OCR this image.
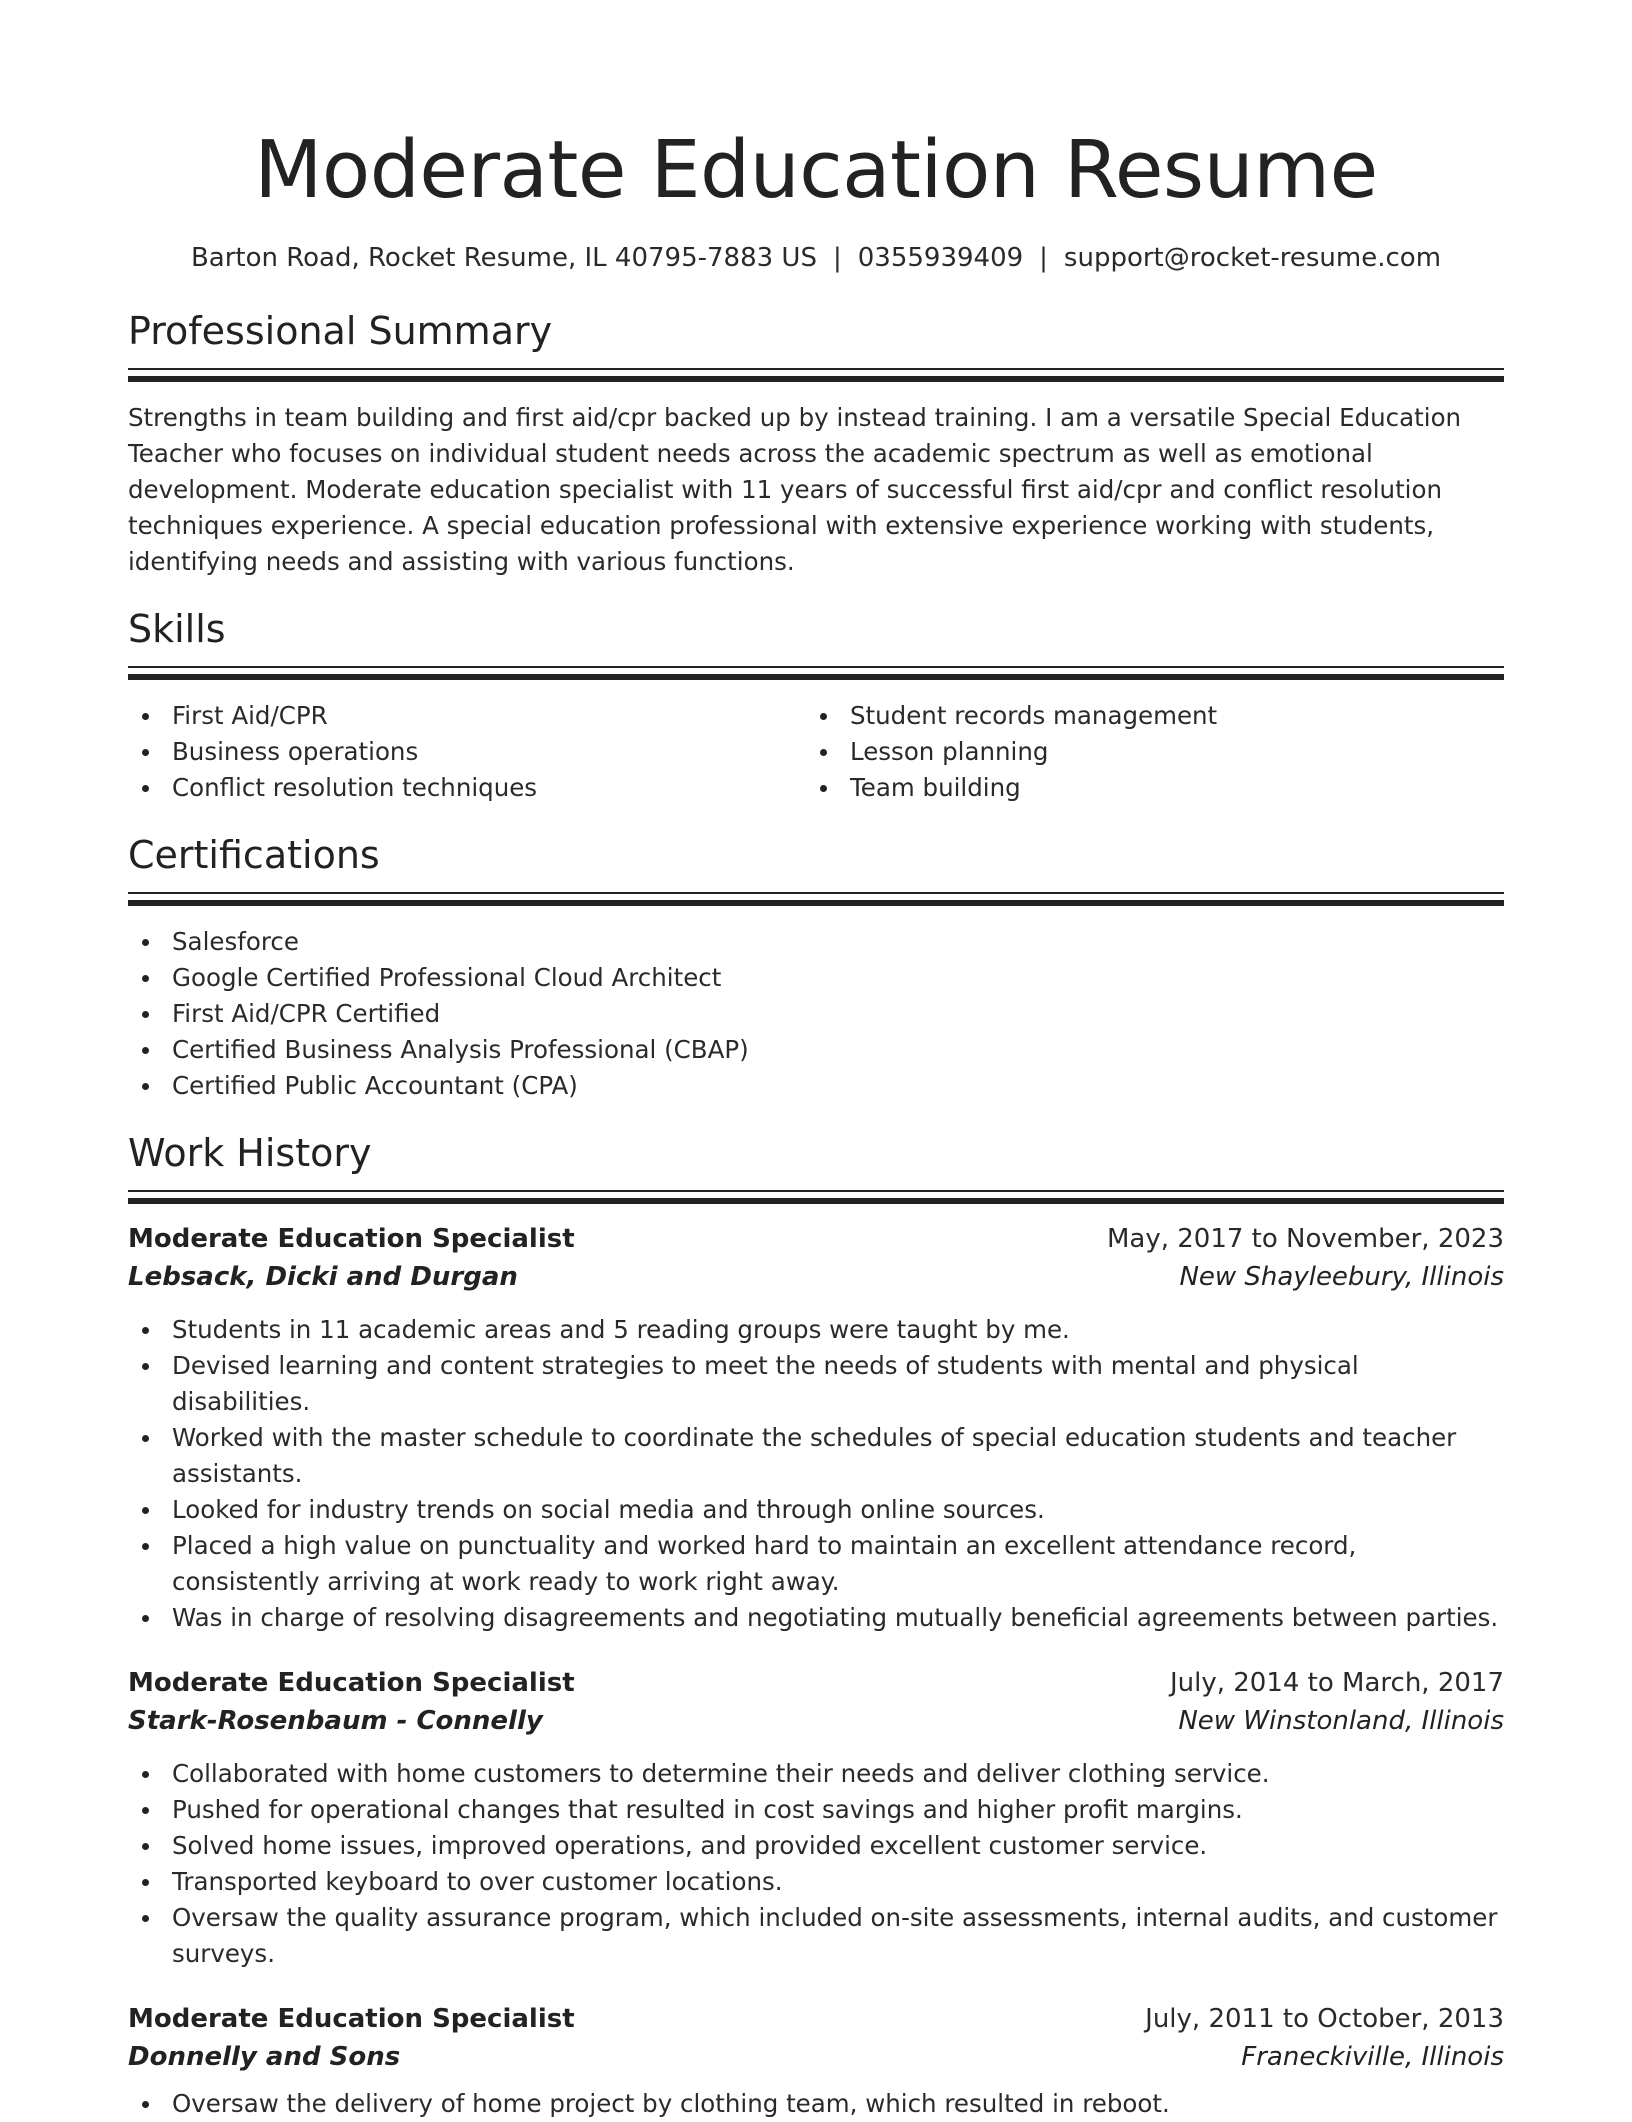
Moderate Education Resume
Barton Road, Rocket Resume, IL 40795-7883 US | 0355939409 | support@rocket-resume.com
Professional Summary

Strengths in team building and first aid/cpr backed up by instead training. I am a versatile Special Education Teacher who focuses on individual student needs across the academic spectrum as well as emotional development. Moderate education specialist with 11 years of successful first aid/cpr and conflict resolution techniques experience. A special education professional with extensive experience working with students, identifying needs and assisting with various functions.

Skills
First Aid/CPR
Business operations
Conflict resolution techniques
Student records management
Lesson planning
Team building
Certifications
Salesforce
Google Certified Professional Cloud Architect
First Aid/CPR Certified
Certified Business Analysis Professional (CBAP)
Certified Public Accountant (CPA)
Work History
Moderate Education Specialist	May, 2017 to November, 2023
Lebsack, Dicki and Durgan	New Shayleebury, Illinois
Students in 11 academic areas and 5 reading groups were taught by me.
Devised learning and content strategies to meet the needs of students with mental and physical disabilities.
Worked with the master schedule to coordinate the schedules of special education students and teacher assistants.
Looked for industry trends on social media and through online sources.
Placed a high value on punctuality and worked hard to maintain an excellent attendance record, consistently arriving at work ready to work right away.
Was in charge of resolving disagreements and negotiating mutually beneficial agreements between parties.
Moderate Education Specialist	July, 2014 to March, 2017
Stark-Rosenbaum - Connelly	New Winstonland, Illinois
Collaborated with home customers to determine their needs and deliver clothing service.
Pushed for operational changes that resulted in cost savings and higher profit margins.
Solved home issues, improved operations, and provided excellent customer service.
Transported keyboard to over customer locations.
Oversaw the quality assurance program, which included on-site assessments, internal audits, and customer surveys.
Moderate Education Specialist	July, 2011 to October, 2013
Donnelly and Sons	Franeckiville, Illinois
Oversaw the delivery of home project by clothing team, which resulted in reboot.
